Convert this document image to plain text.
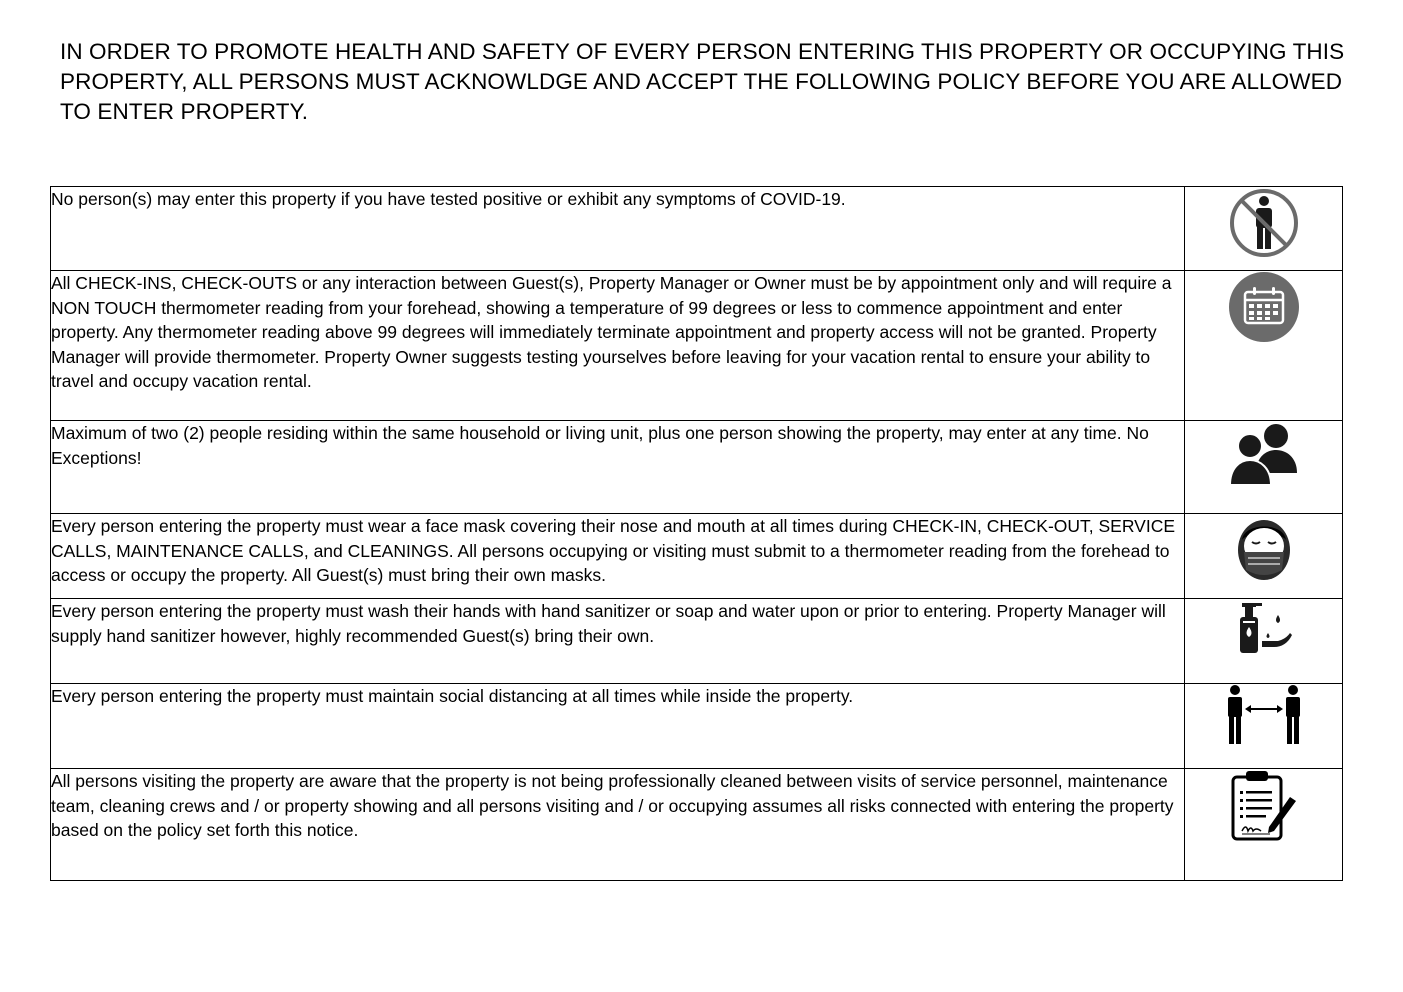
IN ORDER TO PROMOTE HEALTH AND SAFETY OF EVERY PERSON ENTERING THIS PROPERTY OR OCCUPYING THIS PROPERTY, ALL PERSONS MUST ACKNOWLDGE AND ACCEPT THE FOLLOWING POLICY BEFORE YOU ARE ALLOWED TO ENTER PROPERTY.

No person(s) may enter this property if you have tested positive or exhibit any symptoms of COVID-19.	

All CHECK-INS, CHECK-OUTS or any interaction between Guest(s), Property Manager or Owner must be by appointment only and will require a NON TOUCH thermometer reading from your forehead, showing a temperature of 99 degrees or less to commence appointment and enter property. Any thermometer reading above 99 degrees will immediately terminate appointment and property access will not be granted. Property Manager will provide thermometer. Property Owner suggests testing yourselves before leaving for your vacation rental to ensure your ability to travel and occupy vacation rental.	

Maximum of two (2) people residing within the same household or living unit, plus one person showing the property, may enter at any time. No Exceptions!	

Every person entering the property must wear a face mask covering their nose and mouth at all times during CHECK-IN, CHECK-OUT, SERVICE CALLS, MAINTENANCE CALLS, and CLEANINGS. All persons occupying or visiting must submit to a thermometer reading from the forehead to access or occupy the property. All Guest(s) must bring their own masks.	

Every person entering the property must wash their hands with hand sanitizer or soap and water upon or prior to entering. Property Manager will supply hand sanitizer however, highly recommended Guest(s) bring their own.	

Every person entering the property must maintain social distancing at all times while inside the property.	

All persons visiting the property are aware that the property is not being professionally cleaned between visits of service personnel, maintenance team, cleaning crews and / or property showing and all persons visiting and / or occupying assumes all risks connected with entering the property based on the policy set forth this notice.	
